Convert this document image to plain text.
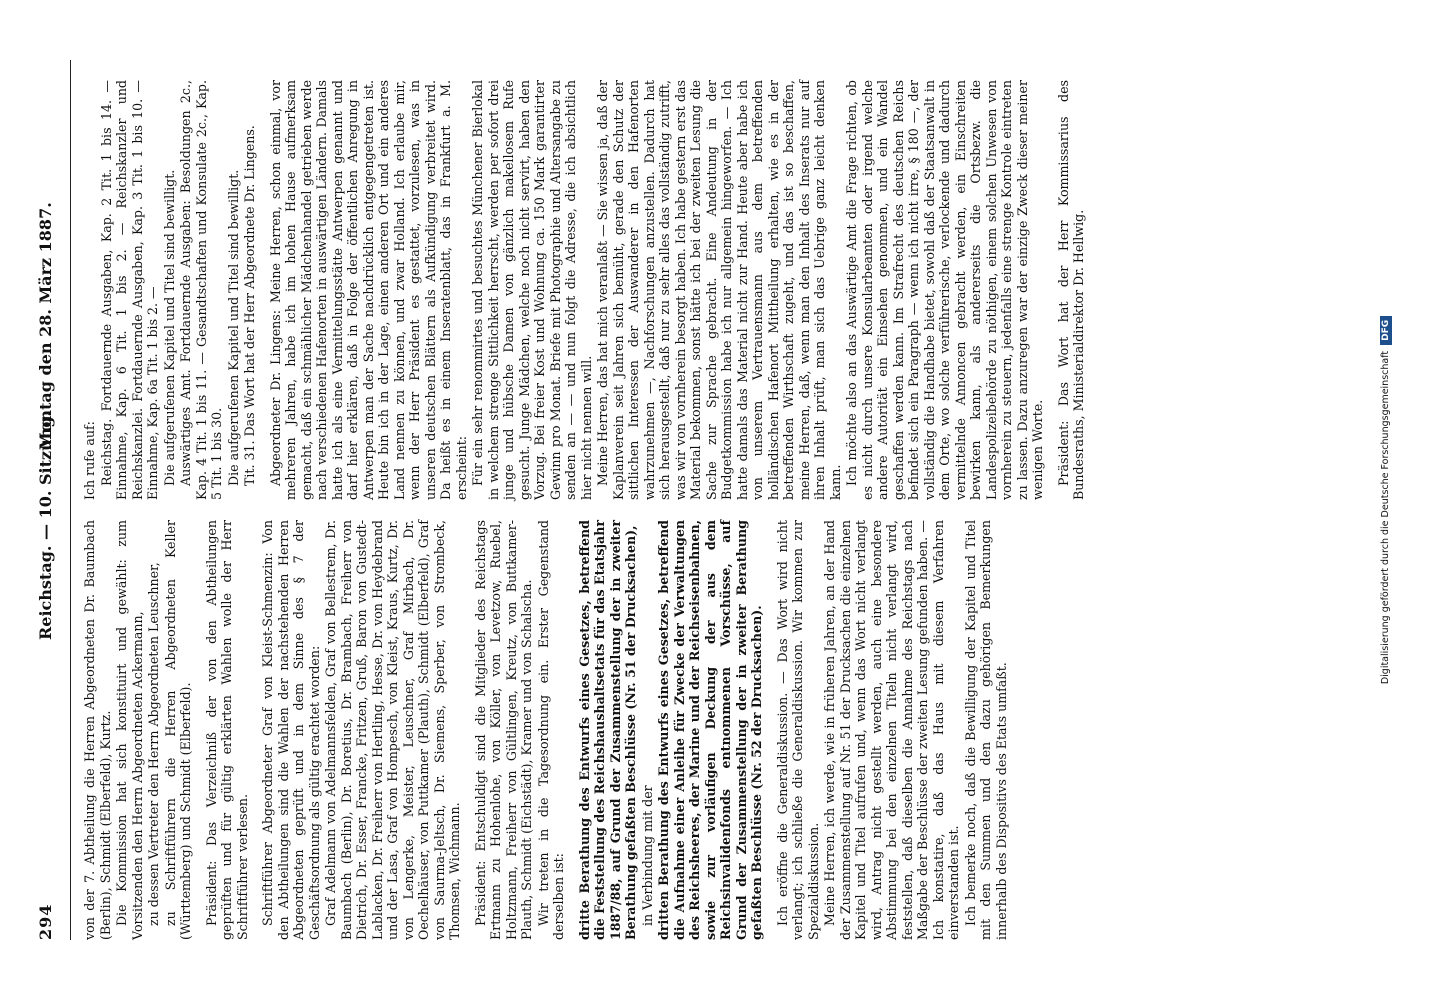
294
Reichstag. — 10. Sitzung.
Montag den 28. März 1887.

von der 7. Abtheilung die Herren Abgeordneten Dr. Baumbach (Berlin), Schmidt (Elberfeld), Kurtz. Die Kommission hat sich konstituirt und gewählt: zum Vorsitzenden den Herrn Abgeordneten Ackermann, zu dessen Vertreter den Herrn Abgeordneten Leuschner, zu Schriftführern die Herren Abgeordneten Keller (Württemberg) und Schmidt (Elberfeld). Präsident: Das Verzeichniß der von den Abtheilungen geprüften und für gültig erklärten Wahlen wolle der Herr Schriftführer verlesen. Schriftführer Abgeordneter Graf von Kleist-Schmenzin: Von den Abtheilungen sind die Wahlen der nachstehenden Herren Abgeordneten geprüft und in dem Sinne des § 7 der Geschäftsordnung als gültig erachtet worden: Graf Adelmann von Adelmannsfelden, Graf von Bellestrem, Dr. Baumbach (Berlin), Dr. Boretius, Dr. Brambach, Freiherr von Dietrich, Dr. Esser, Francke, Fritzen, Gruß, Baron von Gustedt-Lablacken, Dr. Freiherr von Hertling, Hesse, Dr. von Heydebrand und der Lasa, Graf von Hompesch, von Kleist, Kraus, Kurtz, Dr. von Lengerke, Meister, Leuschner, Graf Mirbach, Dr. Oechelhäuser, von Puttkamer (Plauth), Schmidt (Elberfeld), Graf von Saurma-Jeltsch, Dr. Siemens, Sperber, von Strombeck, Thomsen, Wichmann. Präsident: Entschuldigt sind die Mitglieder des Reichstags Ertmann zu Hohenlohe, von Köller, von Levetzow, Ruebel, Holtzmann, Freiherr von Gültlingen, Kreutz, von Buttkamer-Plauth, Schmidt (Eichstädt), Kramer und von Schalscha. Wir treten in die Tagesordnung ein. Erster Gegenstand derselben ist: dritte Berathung des Entwurfs eines Gesetzes, betreffend die Feststellung des Reichshaushaltsetats für das Etatsjahr 1887/88, auf Grund der Zusammenstellung der in zweiter Berathung gefaßten Beschlüsse (Nr. 51 der Drucksachen), in Verbindung mit der dritten Berathung des Entwurfs eines Gesetzes, betreffend die Aufnahme einer Anleihe für Zwecke der Verwaltungen des Reichsheeres, der Marine und der Reichseisenbahnen, sowie zur vorläufigen Deckung der aus dem Reichsinvalidenfonds entnommenen Vorschüsse, auf Grund der Zusammenstellung der in zweiter Berathung gefaßten Beschlüsse (Nr. 52 der Drucksachen). Ich eröffne die Generaldiskussion. — Das Wort wird nicht verlangt; ich schließe die Generaldiskussion. Wir kommen zur Spezialdiskussion. Meine Herren, ich werde, wie in früheren Jahren, an der Hand der Zusammenstellung auf Nr. 51 der Drucksachen die einzelnen Kapitel und Titel aufrufen und, wenn das Wort nicht verlangt wird, Antrag nicht gestellt werden, auch eine besondere Abstimmung bei den einzelnen Titeln nicht verlangt wird, feststellen, daß dieselben die Annahme des Reichstags nach Maßgabe der Beschlüsse der zweiten Lesung gefunden haben. — Ich konstatire, daß das Haus mit diesem Verfahren einverstanden ist. Ich bemerke noch, daß die Bewilligung der Kapitel und Titel mit den Summen und den dazu gehörigen Bemerkungen innerhalb des Dispositivs des Etats umfaßt.

Ich rufe auf: Reichstag. Fortdauernde Ausgaben, Kap. 2 Tit. 1 bis 14. — Einnahme, Kap. 6 Tit. 1 bis 2. — Reichskanzler und Reichskanzlei. Fortdauernde Ausgaben, Kap. 3 Tit. 1 bis 10. — Einnahme, Kap. 6a Tit. 1 bis 2. — Die aufgerufenen Kapitel und Titel sind bewilligt. Auswärtiges Amt. Fortdauernde Ausgaben: Besoldungen 2c., Kap. 4 Tit. 1 bis 11. — Gesandtschaften und Konsulate 2c., Kap. 5 Tit. 1 bis 30. Die aufgerufenen Kapitel und Titel sind bewilligt. Tit. 31. Das Wort hat der Herr Abgeordnete Dr. Lingens. Abgeordneter Dr. Lingens: Meine Herren, schon einmal, vor mehreren Jahren, habe ich im hohen Hause aufmerksam gemacht, daß ein schmählicher Mädchenhandel getrieben werde nach verschiedenen Hafenorten in auswärtigen Ländern. Damals hatte ich als eine Vermittelungsstätte Antwerpen genannt und darf hier erklären, daß in Folge der öffentlichen Anregung in Antwerpen man der Sache nachdrücklich entgegengetreten ist. Heute bin ich in der Lage, einen anderen Ort und ein anderes Land nennen zu können, und zwar Holland. Ich erlaube mir, wenn der Herr Präsident es gestattet, vorzulesen, was in unseren deutschen Blättern als Aufkündigung verbreitet wird. Da heißt es in einem Inseratenblatt, das in Frankfurt a. M. erscheint: Für ein sehr renommirtes und besuchtes Münchener Bierlokal in welchem strenge Sittlichkeit herrscht, werden per sofort drei junge und hübsche Damen von gänzlich makellosem Rufe gesucht. Junge Mädchen, welche noch nicht servirt, haben den Vorzug. Bei freier Kost und Wohnung ca. 150 Mark garantirter Gewinn pro Monat. Briefe mit Photographie und Altersangabe zu senden an — — und nun folgt die Adresse, die ich absichtlich hier nicht nennen will. Meine Herren, das hat mich veranlaßt — Sie wissen ja, daß der Kaplanverein seit Jahren sich bemüht, gerade den Schutz der sittlichen Interessen der Auswanderer in den Hafenorten wahrzunehmen —, Nachforschungen anzustellen. Dadurch hat sich herausgestellt, daß nur zu sehr alles das vollständig zutrifft, was wir von vornherein besorgt haben. Ich habe gestern erst das Material bekommen, sonst hätte ich bei der zweiten Lesung die Sache zur Sprache gebracht. Eine Andeutung in der Budgetkommission habe ich nur allgemein hingeworfen. — Ich hatte damals das Material nicht zur Hand. Heute aber habe ich von unserem Vertrauensmann aus dem betreffenden holländischen Hafenort Mittheilung erhalten, wie es in der betreffenden Wirthschaft zugeht, und das ist so beschaffen, meine Herren, daß, wenn man den Inhalt des Inserats nur auf ihren Inhalt prüft, man sich das Uebrige ganz leicht denken kann. Ich möchte also an das Auswärtige Amt die Frage richten, ob es nicht durch unsere Konsularbeamten oder irgend welche andere Autorität ein Einsehen genommen, und ein Wandel geschaffen werden kann. Im Strafrecht des deutschen Reichs befindet sich ein Paragraph — wenn ich nicht irre, § 180 —, der vollständig die Handhabe bietet, sowohl daß der Staatsanwalt in dem Orte, wo solche verführerische, verlockende und dadurch vermittelnde Annoncen gebracht werden, ein Einschreiten bewirken kann, als andererseits die Ortsbezw. die Landespolizeibehörde zu nöthigen, einem solchen Unwesen von vornherein zu steuern, jedenfalls eine strenge Kontrole eintreten zu lassen. Dazu anzuregen war der einzige Zweck dieser meiner wenigen Worte. Präsident: Das Wort hat der Herr Kommissarius des Bundesraths, Ministerialdirektor Dr. Hellwig.	Digitalisierung gefördert durch die Deutsche ForschungsgemeinschaftDFG
